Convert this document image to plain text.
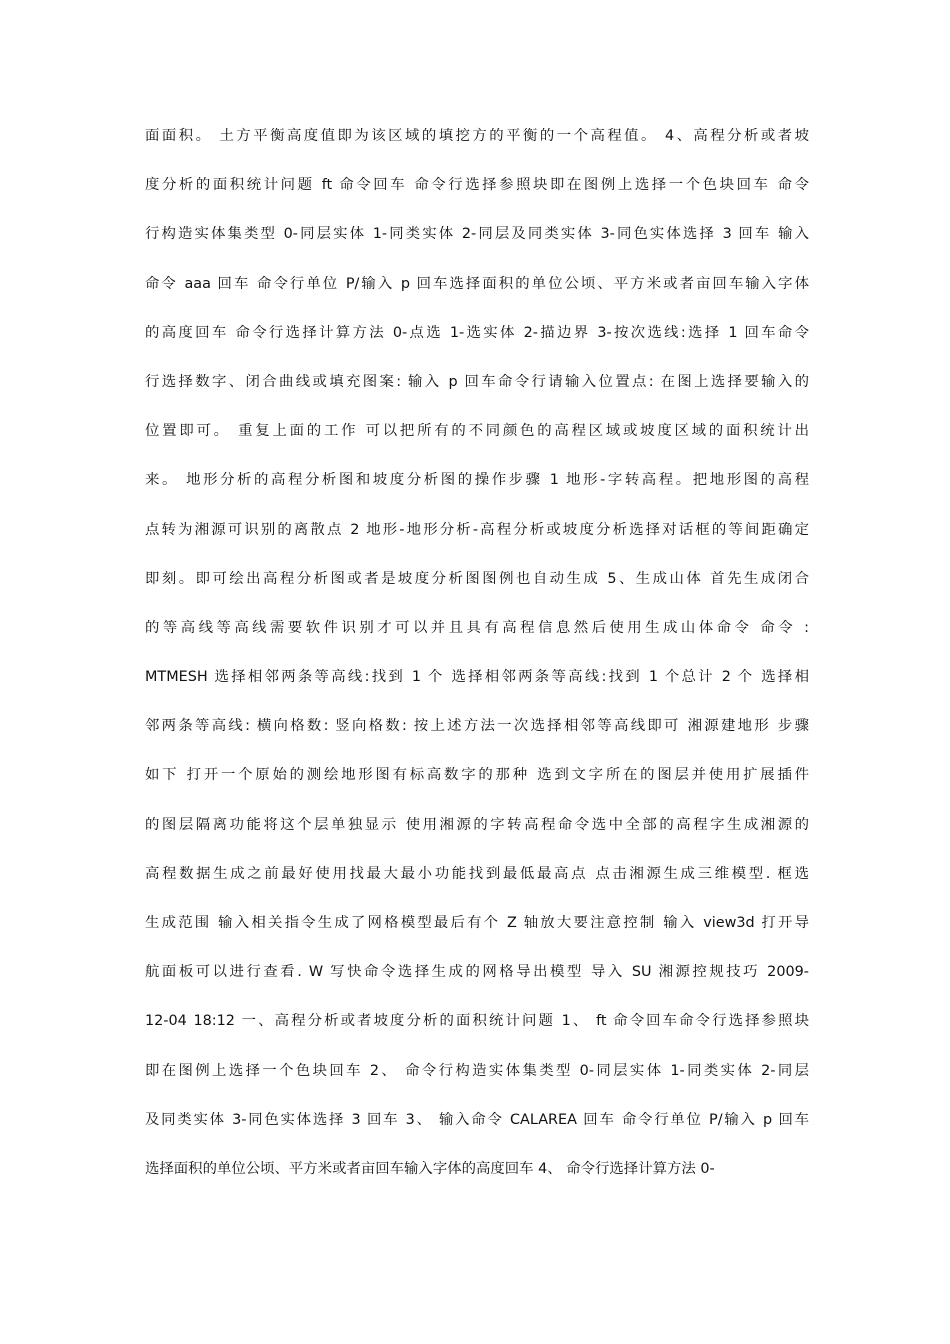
面面积。 土方平衡高度值即为该区域的填挖方的平衡的一个高程值。 4、高程分析或者坡
度分析的面积统计问题 ft 命令回车 命令行选择参照块即在图例上选择一个色块回车 命令
行构造实体集类型 0-同层实体 1-同类实体 2-同层及同类实体 3-同色实体选择 3 回车 输入
命令 aaa 回车 命令行单位 P/输入 p 回车选择面积的单位公顷、平方米或者亩回车输入字体
的高度回车 命令行选择计算方法 0-点选 1-选实体 2-描边界 3-按次选线:选择 1 回车命令
行选择数字、闭合曲线或填充图案: 输入 p 回车命令行请输入位置点: 在图上选择要输入的
位置即可。 重复上面的工作 可以把所有的不同颜色的高程区域或坡度区域的面积统计出
来。 地形分析的高程分析图和坡度分析图的操作步骤 1 地形-字转高程。把地形图的高程
点转为湘源可识别的离散点 2 地形-地形分析-高程分析或坡度分析选择对话框的等间距确定
即刻。即可绘出高程分析图或者是坡度分析图图例也自动生成 5、生成山体 首先生成闭合
的等高线等高线需要软件识别才可以并且具有高程信息然后使用生成山体命令 命令 :
MTMESH 选择相邻两条等高线:找到 1 个 选择相邻两条等高线:找到 1 个总计 2 个 选择相
邻两条等高线: 横向格数: 竖向格数: 按上述方法一次选择相邻等高线即可 湘源建地形 步骤
如下 打开一个原始的测绘地形图有标高数字的那种 选到文字所在的图层并使用扩展插件
的图层隔离功能将这个层单独显示 使用湘源的字转高程命令选中全部的高程字生成湘源的
高程数据生成之前最好使用找最大最小功能找到最低最高点 点击湘源生成三维模型. 框选
生成范围 输入相关指令生成了网格模型最后有个 Z 轴放大要注意控制 输入 view3d 打开导
航面板可以进行查看. W 写快命令选择生成的网格导出模型 导入 SU 湘源控规技巧 2009-
12-04 18:12 一、高程分析或者坡度分析的面积统计问题 1、 ft 命令回车命令行选择参照块
即在图例上选择一个色块回车 2、 命令行构造实体集类型 0-同层实体 1-同类实体 2-同层
及同类实体 3-同色实体选择 3 回车 3、 输入命令 CALAREA 回车 命令行单位 P/输入 p 回车
选择面积的单位公顷、平方米或者亩回车输入字体的高度回车 4、 命令行选择计算方法 0-
